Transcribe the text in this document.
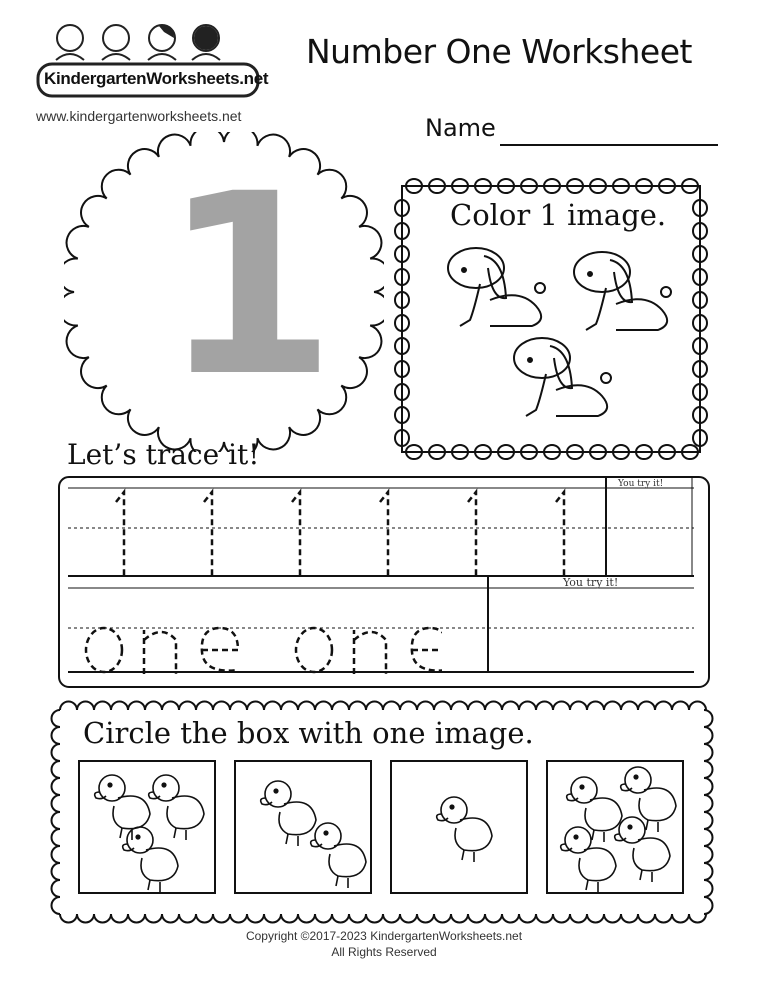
KindergartenWorksheets.net
www.kindergartenworksheets.net
Number One Worksheet
Name
1	Color 1 image.
Let’s trace it!
You try it!
You try it!
Circle the box with one image.
Copyright ©2017-2023 KindergartenWorksheets.net
All Rights Reserved
